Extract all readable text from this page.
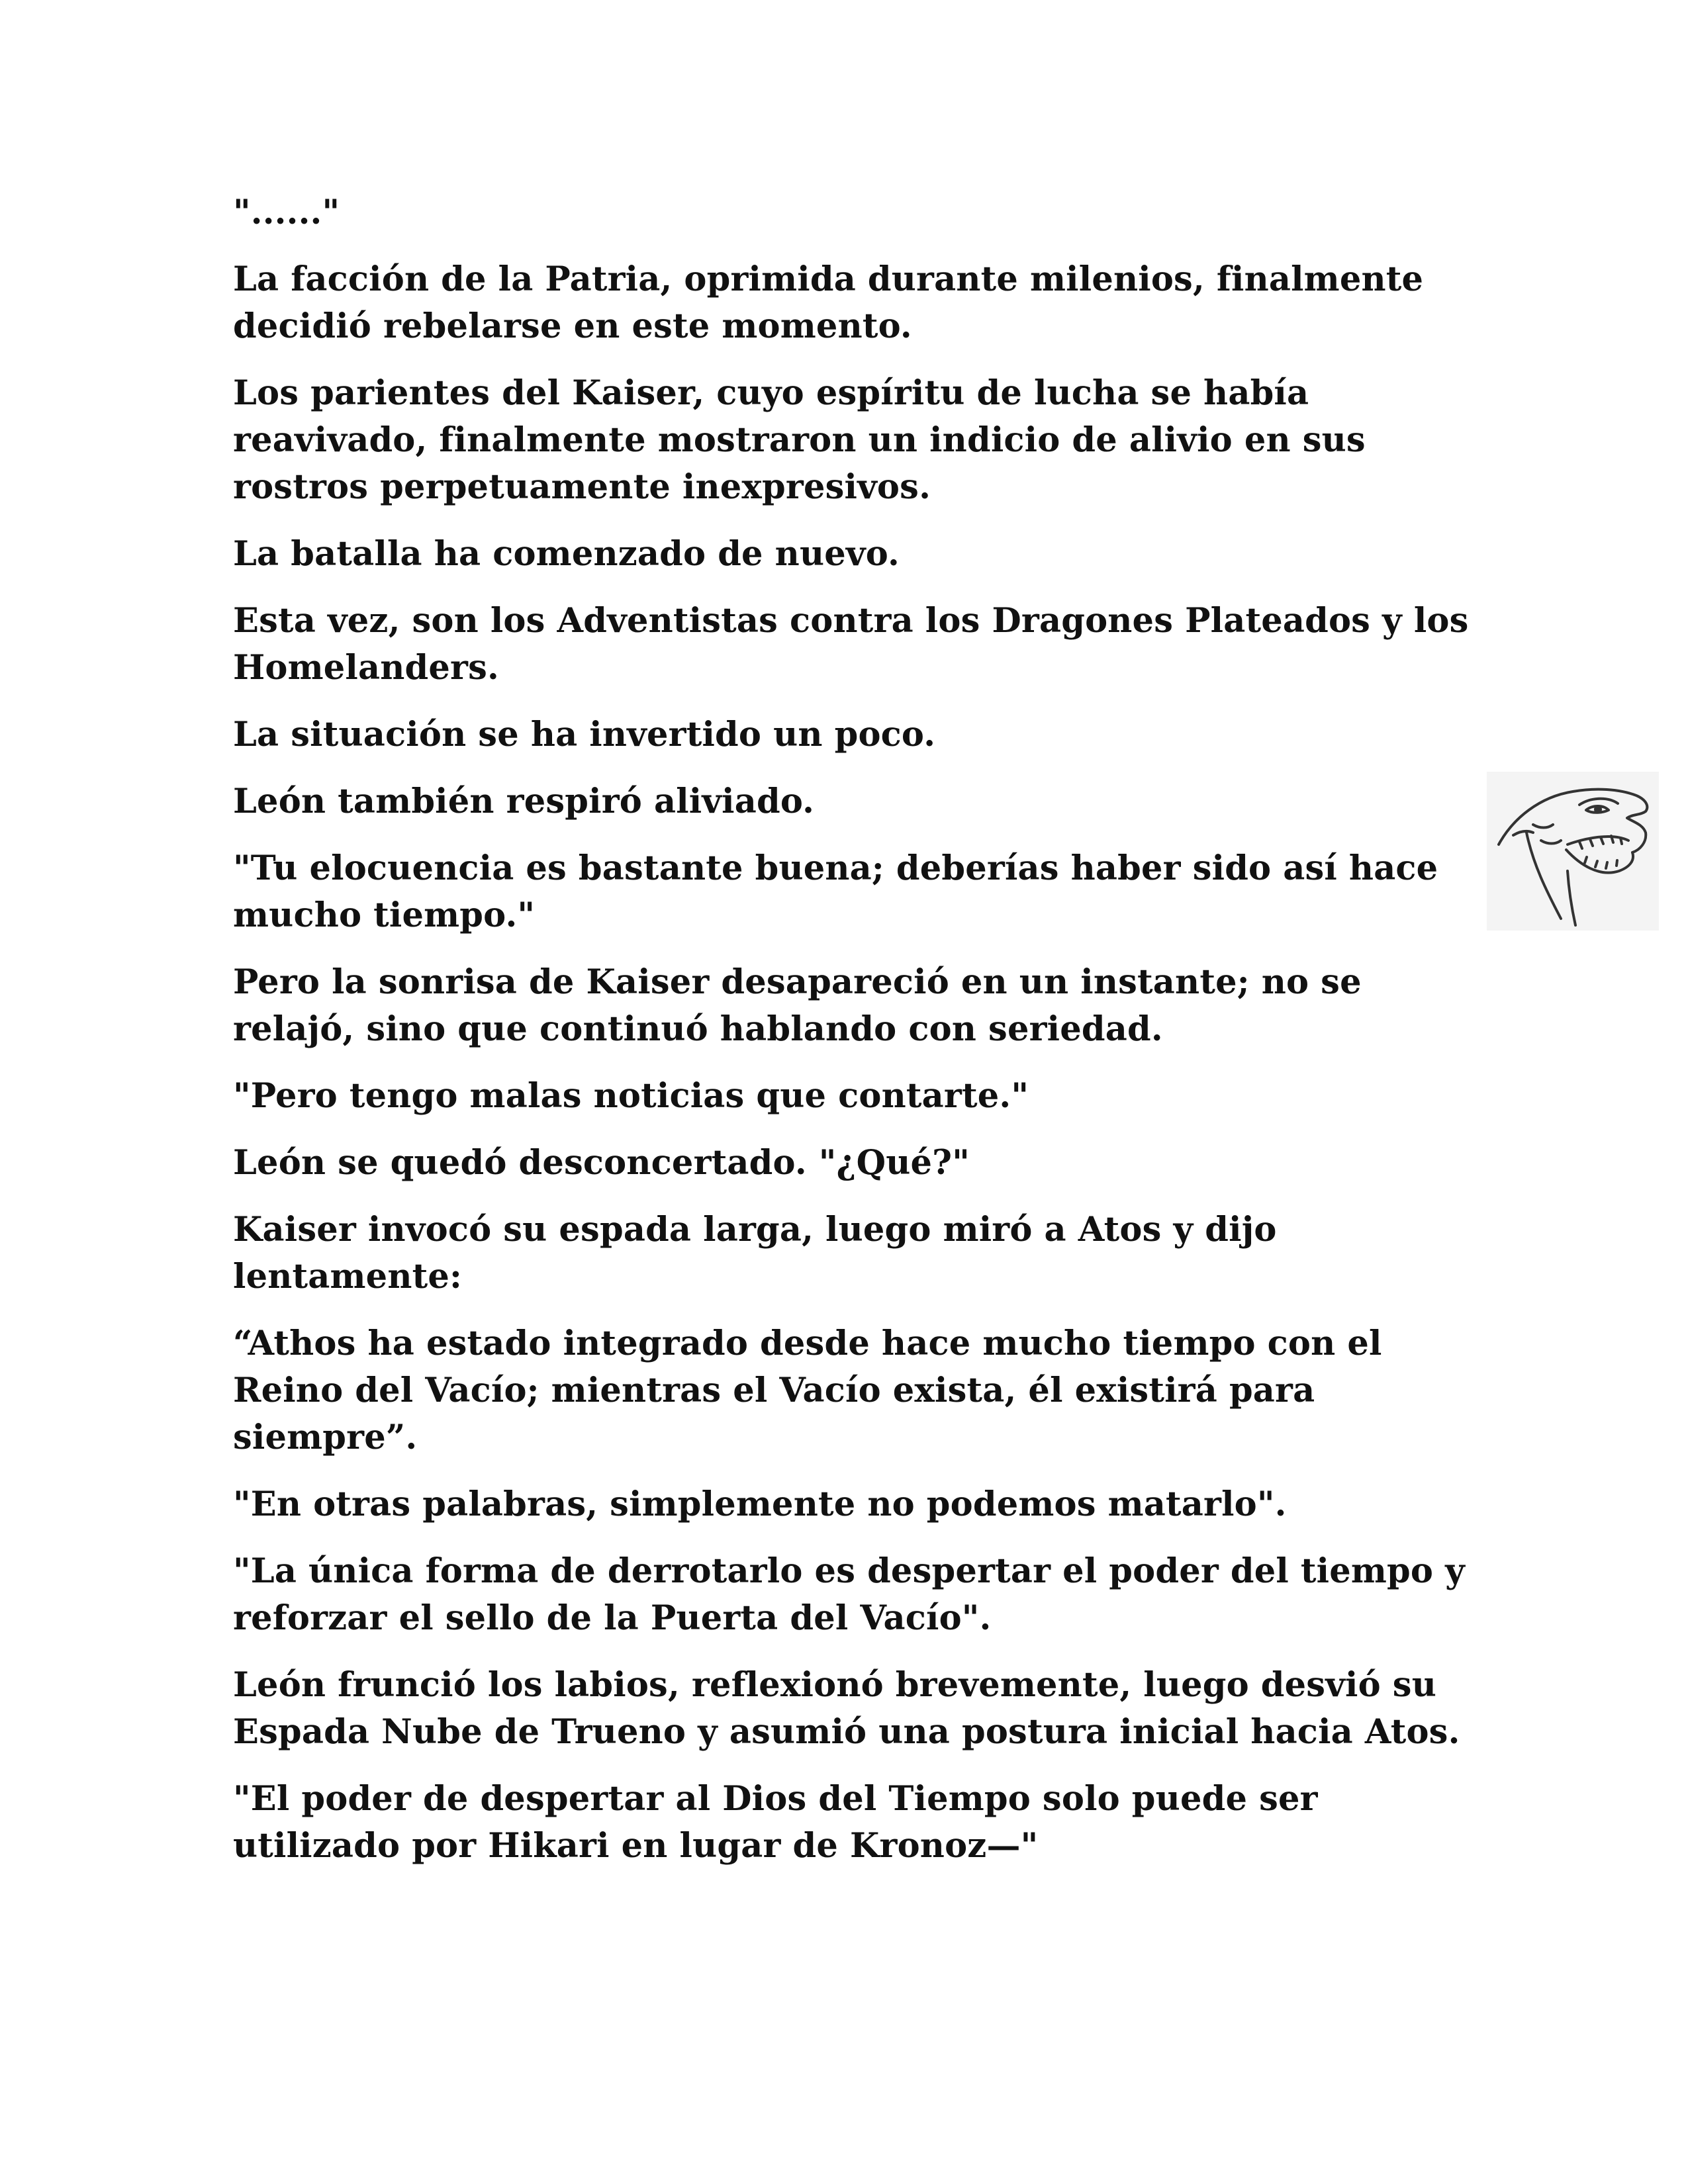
"......"

La facción de la Patria, oprimida durante milenios, finalmente decidió rebelarse en este momento.

Los parientes del Kaiser, cuyo espíritu de lucha se había reavivado, finalmente mostraron un indicio de alivio en sus rostros perpetuamente inexpresivos.

La batalla ha comenzado de nuevo.

Esta vez, son los Adventistas contra los Dragones Plateados y los Homelanders.

La situación se ha invertido un poco.

León también respiró aliviado.

"Tu elocuencia es bastante buena; deberías haber sido así hace mucho tiempo."

Pero la sonrisa de Kaiser desapareció en un instante; no se relajó, sino que continuó hablando con seriedad.

"Pero tengo malas noticias que contarte."

León se quedó desconcertado. "¿Qué?"

Kaiser invocó su espada larga, luego miró a Atos y dijo lentamente:

“Athos ha estado integrado desde hace mucho tiempo con el Reino del Vacío; mientras el Vacío exista, él existirá para siempre”.

"En otras palabras, simplemente no podemos matarlo".

"La única forma de derrotarlo es despertar el poder del tiempo y reforzar el sello de la Puerta del Vacío".

León frunció los labios, reflexionó brevemente, luego desvió su Espada Nube de Trueno y asumió una postura inicial hacia Atos.

"El poder de despertar al Dios del Tiempo solo puede ser utilizado por Hikari en lugar de Kronoz—"
